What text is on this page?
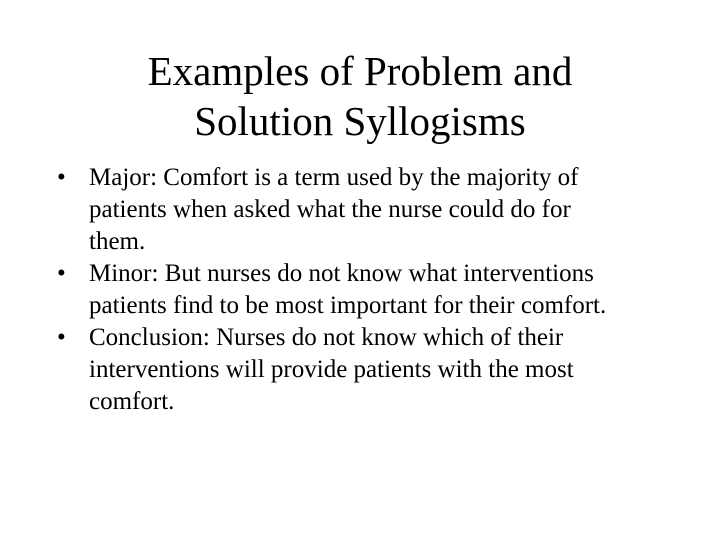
Examples of Problem and
Solution Syllogisms
• Major: Comfort is a term used by the majority of
patients when asked what the nurse could do for
them.
• Minor: But nurses do not know what interventions
patients find to be most important for their comfort.
• Conclusion: Nurses do not know which of their
interventions will provide patients with the most
comfort.
